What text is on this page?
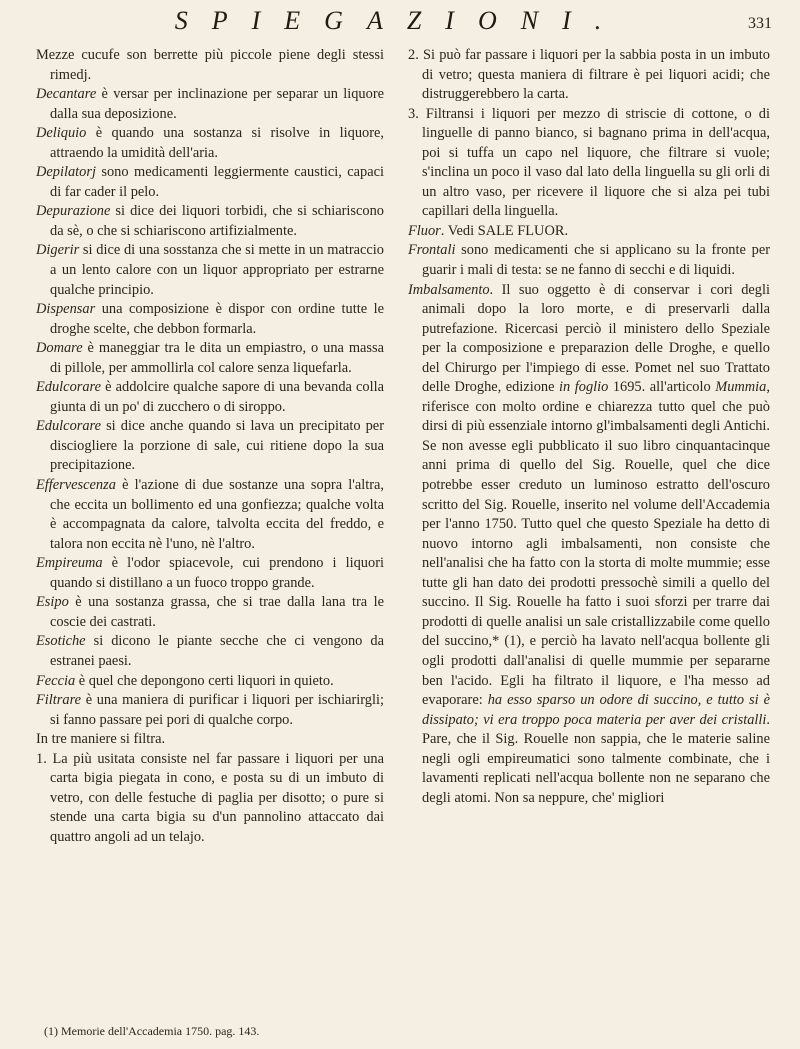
SPIEGAZIONI.	331

Mezze cucufe son berrette più piccole piene degli stessi rimedj.

Decantare è versar per inclinazione per separar un liquore dalla sua deposizione.

Deliquio è quando una sostanza si risolve in liquore, attraendo la umidità dell'aria.

Depilatorj sono medicamenti leggiermente caustici, capaci di far cader il pelo.

Depurazione si dice dei liquori torbidi, che si schiariscono da sè, o che si schiariscono artifizialmente.

Digerir si dice di una sosstanza che si mette in un matraccio a un lento calore con un liquor appropriato per estrarne qualche principio.

Dispensar una composizione è dispor con ordine tutte le droghe scelte, che debbon formarla.

Domare è maneggiar tra le dita un empiastro, o una massa di pillole, per ammollirla col calore senza liquefarla.

Edulcorare è addolcire qualche sapore di una bevanda colla giunta di un po' di zucchero o di siroppo.

Edulcorare si dice anche quando si lava un precipitato per disciogliere la porzione di sale, cui ritiene dopo la sua precipitazione.

Effervescenza è l'azione di due sostanze una sopra l'altra, che eccita un bollimento ed una gonfiezza; qualche volta è accompagnata da calore, talvolta eccita del freddo, e talora non eccita nè l'uno, nè l'altro.

Empireuma è l'odor spiacevole, cui prendono i liquori quando si distillano a un fuoco troppo grande.

Esipo è una sostanza grassa, che si trae dalla lana tra le coscie dei castrati.

Esotiche si dicono le piante secche che ci vengono da estranei paesi.

Feccia è quel che depongono certi liquori in quieto.

Filtrare è una maniera di purificar i liquori per ischiarirgli; si fanno passare pei pori di qualche corpo.

In tre maniere si filtra.

1. La più usitata consiste nel far passare i liquori per una carta bigia piegata in cono, e posta su di un imbuto di vetro, con delle festuche di paglia per disotto; o pure si stende una carta bigia su d'un pannolino attaccato dai quattro angoli ad un telajo.

2. Si può far passare i liquori per la sabbia posta in un imbuto di vetro; questa maniera di filtrare è pei liquori acidi; che distruggerebbero la carta.

3. Filtransi i liquori per mezzo di striscie di cottone, o di linguelle di panno bianco, si bagnano prima in dell'acqua, poi si tuffa un capo nel liquore, che filtrare si vuole; s'inclina un poco il vaso dal lato della linguella su gli orli di un altro vaso, per ricevere il liquore che si alza pei tubi capillari della linguella.

Fluor. Vedi SALE FLUOR.

Frontali sono medicamenti che si applicano su la fronte per guarir i mali di testa: se ne fanno di secchi e di liquidi.

Imbalsamento. Il suo oggetto è di conservar i cori degli animali dopo la loro morte, e di preservarli dalla putrefazione. Ricercasi perciò il ministero dello Speziale per la composizione e preparazion delle Droghe, e quello del Chirurgo per l'impiego di esse. Pomet nel suo Trattato delle Droghe, edizione in foglio 1695. all'articolo Mummia, riferisce con molto ordine e chiarezza tutto quel che può dirsi di più essenziale intorno gl'imbalsamenti degli Antichi. Se non avesse egli pubblicato il suo libro cinquantacinque anni prima di quello del Sig. Rouelle, quel che dice potrebbe esser creduto un luminoso estratto dell'oscuro scritto del Sig. Rouelle, inserito nel volume dell'Accademia per l'anno 1750. Tutto quel che questo Speziale ha detto di nuovo intorno agli imbalsamenti, non consiste che nell'analisi che ha fatto con la storta di molte mummie; esse tutte gli han dato dei prodotti pressochè simili a quello del succino. Il Sig. Rouelle ha fatto i suoi sforzi per trarre dai prodotti di quelle analisi un sale cristallizzabile come quello del succino,* (1), e perciò ha lavato nell'acqua bollente gli ogli prodotti dall'analisi di quelle mummie per separarne ben l'acido. Egli ha filtrato il liquore, e l'ha messo ad evaporare: ha esso sparso un odore di succino, e tutto si è dissipato; vi era troppo poca materia per aver dei cristalli. Pare, che il Sig. Rouelle non sappia, che le materie saline negli ogli empireumatici sono talmente combinate, che i lavamenti replicati nell'acqua bollente non ne separano che degli atomi. Non sa neppure, che' migliori

(1) Memorie dell'Accademia 1750. pag. 143.
